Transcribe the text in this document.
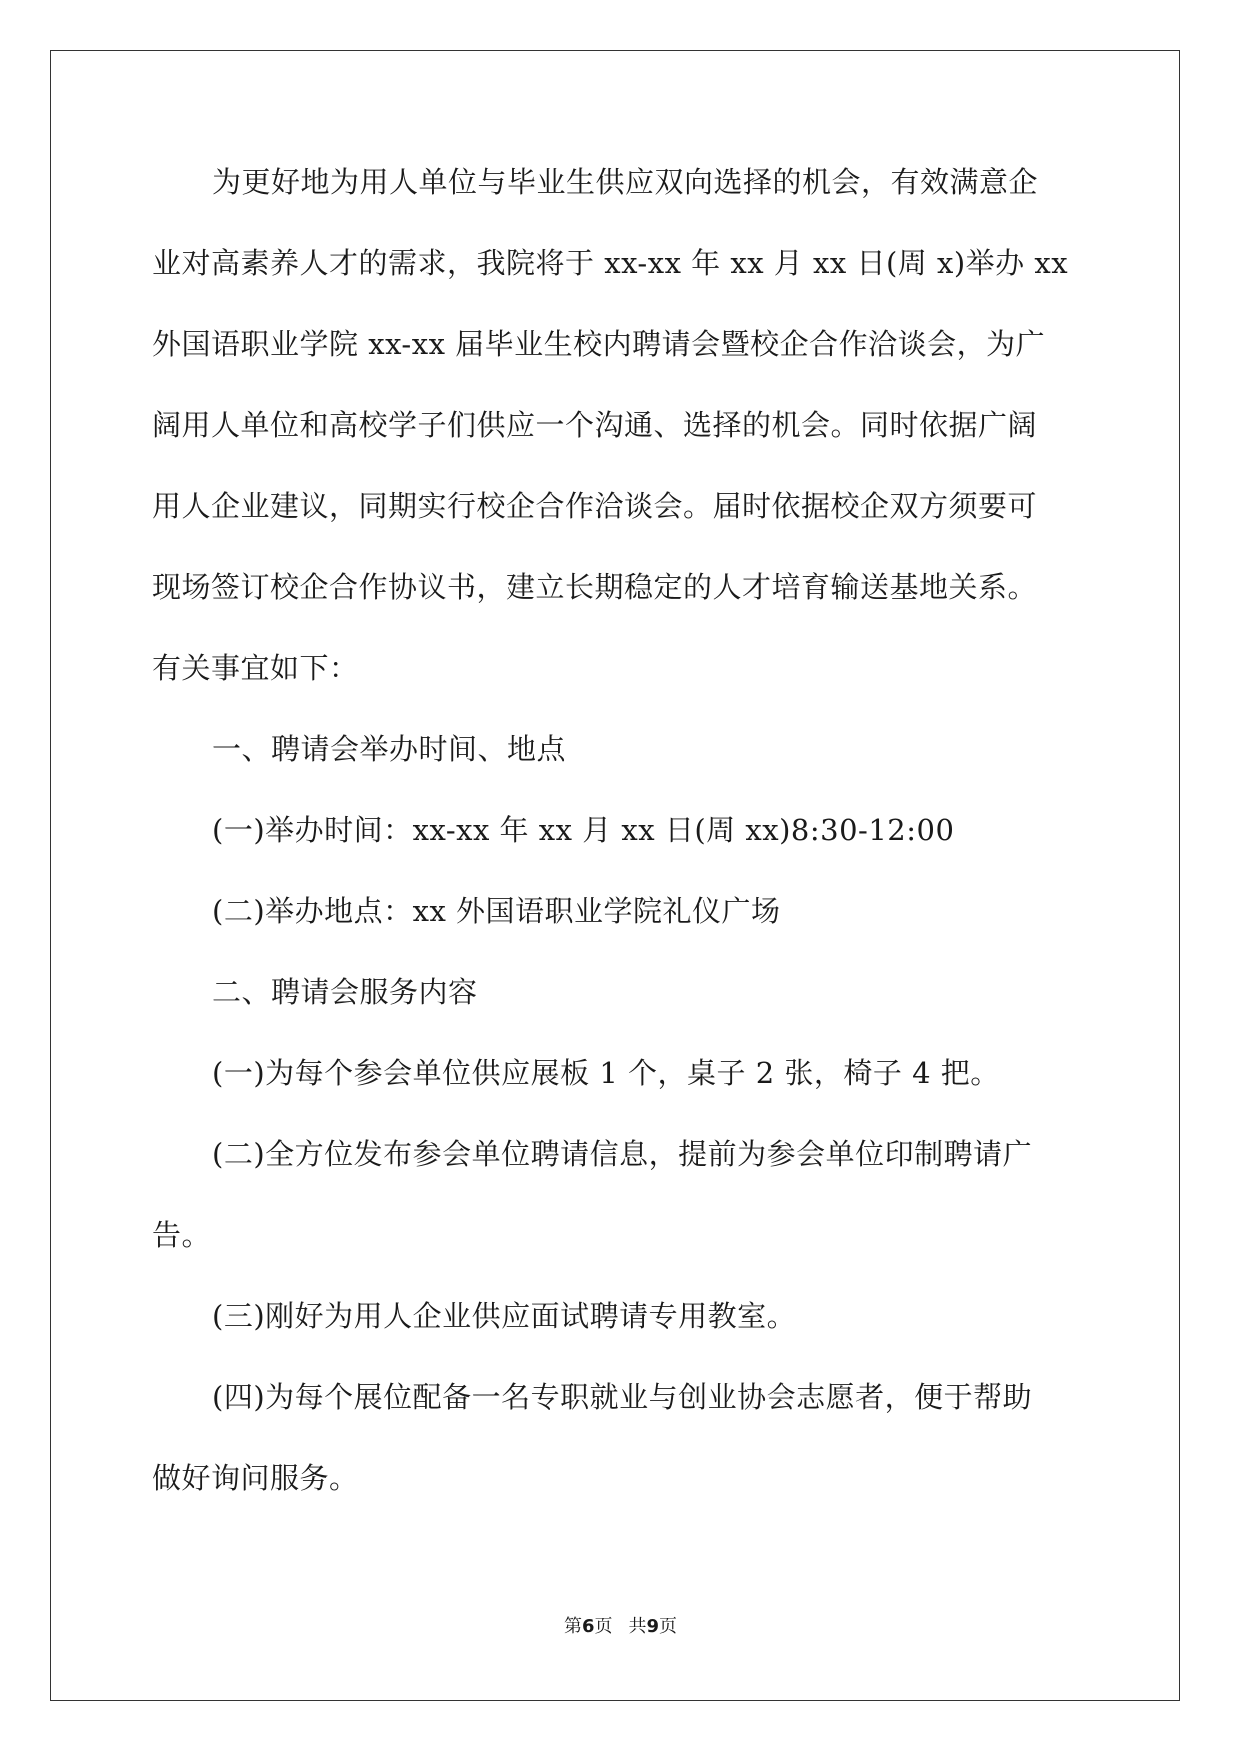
为更好地为用人单位与毕业生供应双向选择的机会，有效满意企
业对高素养人才的需求，我院将于 xx-xx 年 xx 月 xx 日(周 x)举办 xx
外国语职业学院 xx-xx 届毕业生校内聘请会暨校企合作洽谈会，为广
阔用人单位和高校学子们供应一个沟通、选择的机会。同时依据广阔
用人企业建议，同期实行校企合作洽谈会。届时依据校企双方须要可
现场签订校企合作协议书，建立长期稳定的人才培育输送基地关系。
有关事宜如下：
一、聘请会举办时间、地点
(一)举办时间：xx-xx 年 xx 月 xx 日(周 xx)8:30-12:00
(二)举办地点：xx 外国语职业学院礼仪广场
二、聘请会服务内容
(一)为每个参会单位供应展板 1 个，桌子 2 张，椅子 4 把。
(二)全方位发布参会单位聘请信息，提前为参会单位印制聘请广
告。
(三)刚好为用人企业供应面试聘请专用教室。
(四)为每个展位配备一名专职就业与创业协会志愿者，便于帮助
做好询问服务。
第6页 共9页
